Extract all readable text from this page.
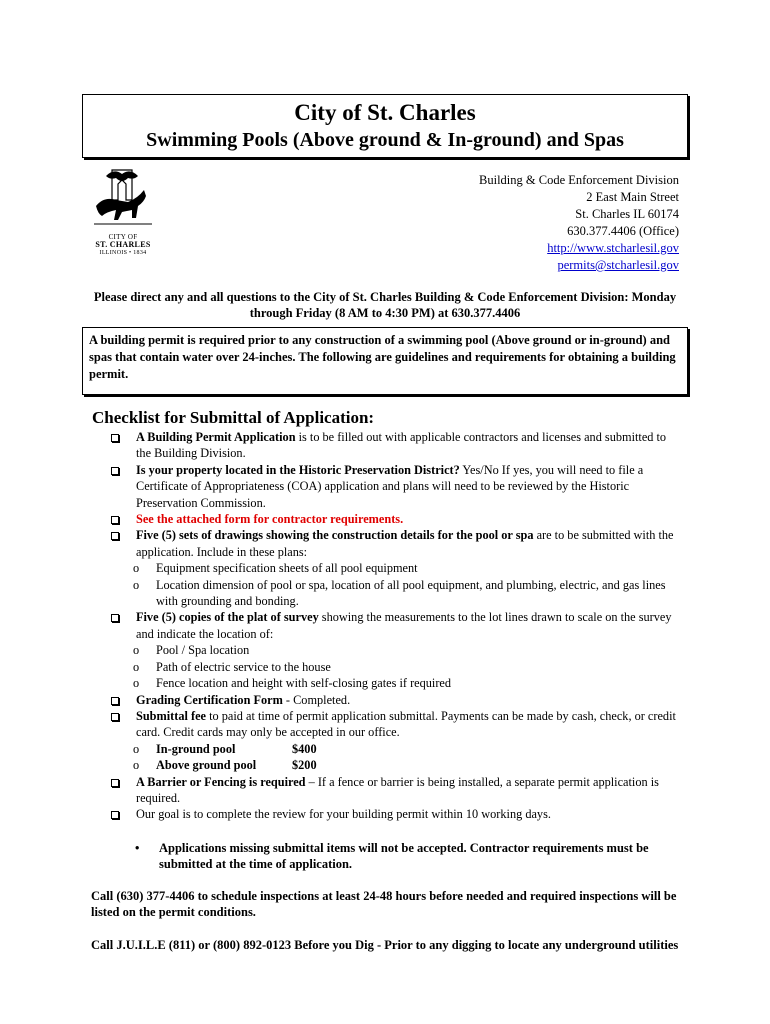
City of St. Charles
Swimming Pools (Above ground & In-ground) and Spas
CITY OF
ST. CHARLES
ILLINOIS • 1834
Building & Code Enforcement Division
2 East Main Street
St. Charles IL 60174
630.377.4406 (Office)
http://www.stcharlesil.gov
permits@stcharlesil.gov
Please direct any and all questions to the City of St. Charles Building & Code Enforcement Division: Monday through Friday (8 AM to 4:30 PM) at 630.377.4406
A building permit is required prior to any construction of a swimming pool (Above ground or in-ground) and spas that contain water over 24-inches. The following are guidelines and requirements for obtaining a building permit.
Checklist for Submittal of Application:
A Building Permit Application is to be filled out with applicable contractors and licenses and submitted to the Building Division.
Is your property located in the Historic Preservation District? Yes/No If yes, you will need to file a Certificate of Appropriateness (COA) application and plans will need to be reviewed by the Historic Preservation Commission.
See the attached form for contractor requirements.
Five (5) sets of drawings showing the construction details for the pool or spa are to be submitted with the application. Include in these plans:
o Equipment specification sheets of all pool equipment
o Location dimension of pool or spa, location of all pool equipment, and plumbing, electric, and gas lines with grounding and bonding.
Five (5) copies of the plat of survey showing the measurements to the lot lines drawn to scale on the survey and indicate the location of:
o Pool / Spa location
o Path of electric service to the house
o Fence location and height with self-closing gates if required
Grading Certification Form - Completed.
Submittal fee to paid at time of permit application submittal. Payments can be made by cash, check, or credit card. Credit cards may only be accepted in our office.
o In-ground pool	$400
o Above ground pool	$200
A Barrier or Fencing is required – If a fence or barrier is being installed, a separate permit application is required.
Our goal is to complete the review for your building permit within 10 working days.
•	Applications missing submittal items will not be accepted. Contractor requirements must be submitted at the time of application.
Call (630) 377-4406 to schedule inspections at least 24-48 hours before needed and required inspections will be listed on the permit conditions.
Call J.U.I.L.E (811) or (800) 892-0123 Before you Dig - Prior to any digging to locate any underground utilities
